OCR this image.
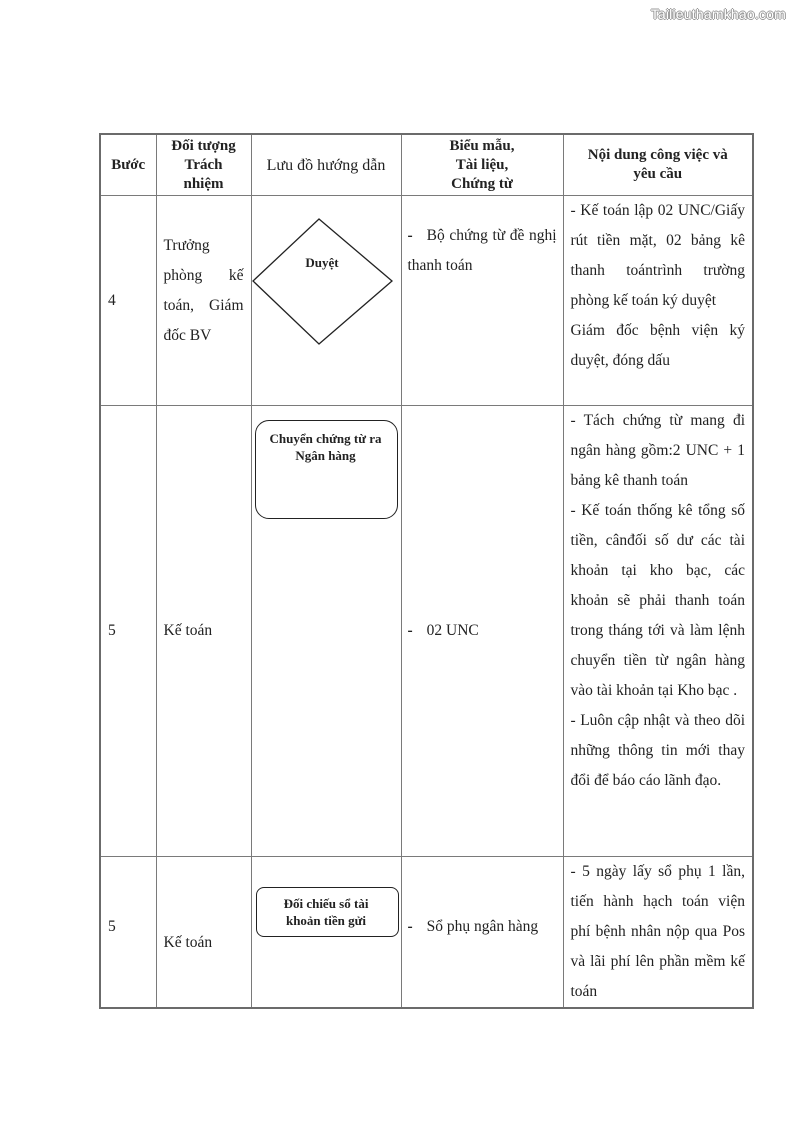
Tailieuthamkhao.com
Bước	Đối tượng
Trách
nhiệm	Lưu đồ hướng dẫn	Biểu mẫu,
Tài liệu,
Chứng từ	Nội dung công việc và
yêu cầu
4	Trưởng phòng kế toán, Giám đốc BV	Duyệt	- Bộ chứng từ đề nghị thanh toán	- Kế toán lập 02 UNC/Giấy rút tiền mặt, 02 bảng kê thanh toántrình trường phòng kế toán ký duyệt
Giám đốc bệnh viện ký duyệt, đóng dấu
5	Kế toán	Chuyển chứng từ ra Ngân hàng	- 02 UNC	- Tách chứng từ mang đi ngân hàng gồm:2 UNC + 1 bảng kê thanh toán
- Kế toán thống kê tổng số tiền, cânđối số dư các tài khoản tại kho bạc, các khoản sẽ phải thanh toán trong tháng tới và làm lệnh chuyển tiền từ ngân hàng vào tài khoản tại Kho bạc .
- Luôn cập nhật và theo dõi những thông tin mới thay đổi để báo cáo lãnh đạo.
5	Kế toán	Đối chiếu sổ tài khoản tiền gửi	- Sổ phụ ngân hàng	- 5 ngày lấy sổ phụ 1 lần, tiến hành hạch toán viện phí bệnh nhân nộp qua Pos và lãi phí lên phần mềm kế toán
